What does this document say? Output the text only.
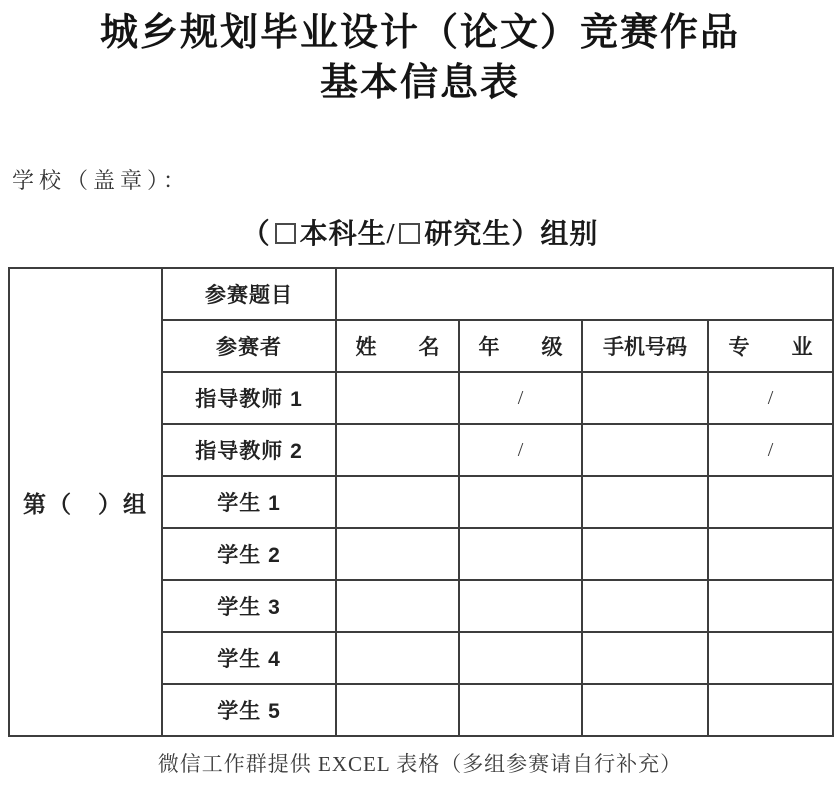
城乡规划毕业设计（论文）竞赛作品
基本信息表
学校（盖章）：
（ 本科生/ 研究生）组别
第（　）组	参赛题目				
	参赛者	姓　　名	年　　级	手机号码	专　　业
	指导教师 1		/		/
	指导教师 2		/		/
	学生 1				
	学生 2				
	学生 3				
	学生 4				
	学生 5				
微信工作群提供 EXCEL 表格（多组参赛请自行补充）
